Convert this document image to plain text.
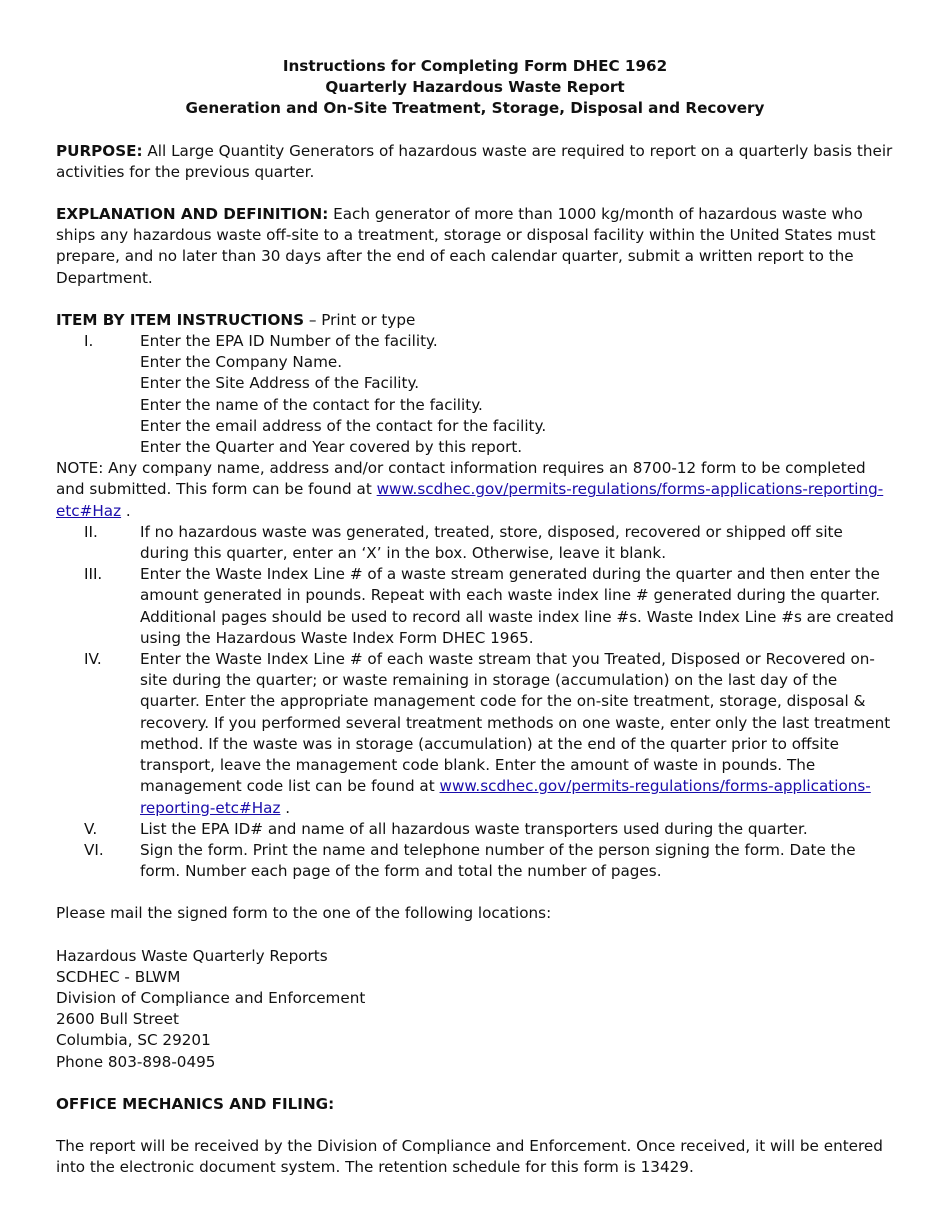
Instructions for Completing Form DHEC 1962

Quarterly Hazardous Waste Report

Generation and On-Site Treatment, Storage, Disposal and Recovery

PURPOSE: All Large Quantity Generators of hazardous waste are required to report on a quarterly basis their activities for the previous quarter.

EXPLANATION AND DEFINITION: Each generator of more than 1000 kg/month of hazardous waste who ships any hazardous waste off-site to a treatment, storage or disposal facility within the United States must prepare, and no later than 30 days after the end of each calendar quarter, submit a written report to the Department.

ITEM BY ITEM INSTRUCTIONS – Print or type

I.	Enter the EPA ID Number of the facility.

Enter the Company Name.

Enter the Site Address of the Facility.

Enter the name of the contact for the facility.

Enter the email address of the contact for the facility.

Enter the Quarter and Year covered by this report.

NOTE: Any company name, address and/or contact information requires an 8700-12 form to be completed and submitted. This form can be found at www.scdhec.gov/permits-regulations/forms-applications-reporting-etc#Haz .

II.	If no hazardous waste was generated, treated, store, disposed, recovered or shipped off site during this quarter, enter an ‘X’ in the box. Otherwise, leave it blank.
III.	Enter the Waste Index Line # of a waste stream generated during the quarter and then enter the amount generated in pounds. Repeat with each waste index line # generated during the quarter. Additional pages should be used to record all waste index line #s. Waste Index Line #s are created using the Hazardous Waste Index Form DHEC 1965.
IV.	Enter the Waste Index Line # of each waste stream that you Treated, Disposed or Recovered on-site during the quarter; or waste remaining in storage (accumulation) on the last day of the quarter. Enter the appropriate management code for the on-site treatment, storage, disposal & recovery. If you performed several treatment methods on one waste, enter only the last treatment method. If the waste was in storage (accumulation) at the end of the quarter prior to offsite transport, leave the management code blank. Enter the amount of waste in pounds. The management code list can be found at www.scdhec.gov/permits-regulations/forms-applications-reporting-etc#Haz .
V.	List the EPA ID# and name of all hazardous waste transporters used during the quarter.
VI.	Sign the form. Print the name and telephone number of the person signing the form. Date the form. Number each page of the form and total the number of pages.

Please mail the signed form to the one of the following locations:

Hazardous Waste Quarterly Reports

SCDHEC - BLWM

Division of Compliance and Enforcement

2600 Bull Street

Columbia, SC 29201

Phone 803-898-0495

OFFICE MECHANICS AND FILING:

The report will be received by the Division of Compliance and Enforcement. Once received, it will be entered into the electronic document system. The retention schedule for this form is 13429.
